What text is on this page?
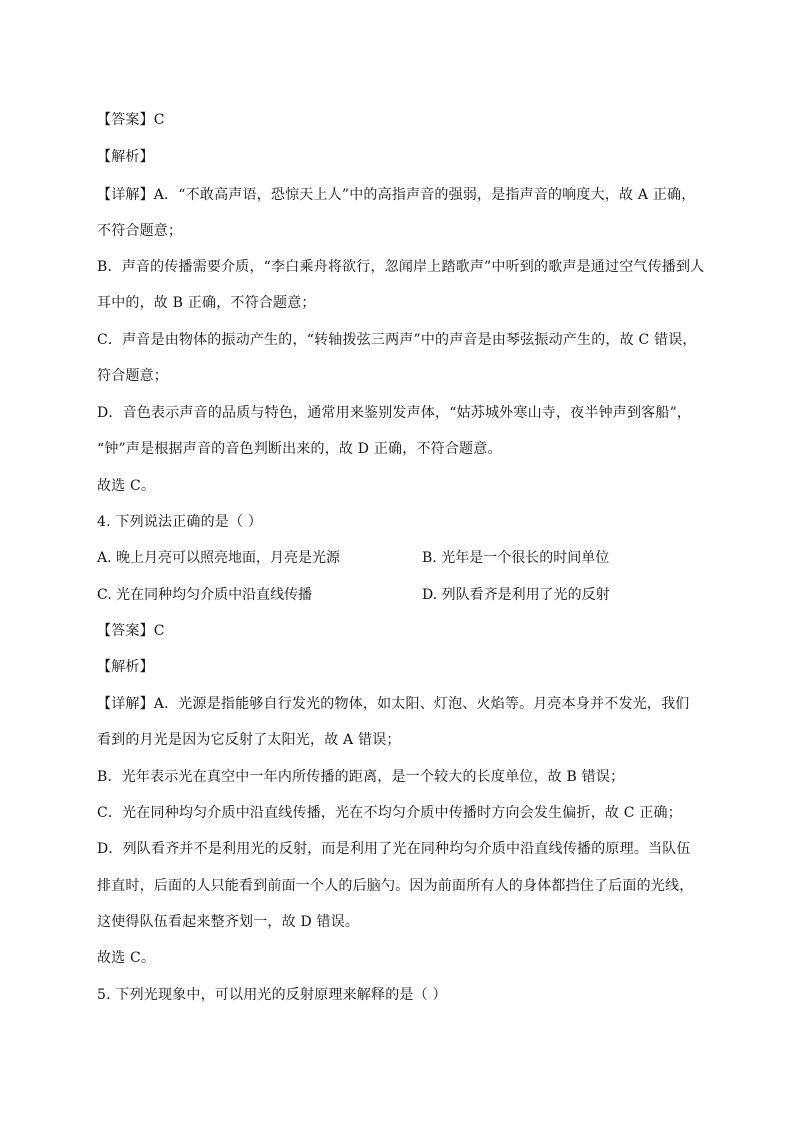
【答案】C
【解析】
【详解】A．“不敢高声语，恐惊天上人”中的高指声音的强弱，是指声音的响度大，故 A 正确，
不符合题意；
B．声音的传播需要介质，“李白乘舟将欲行，忽闻岸上踏歌声”中听到的歌声是通过空气传播到人
耳中的，故 B 正确，不符合题意；
C．声音是由物体的振动产生的，“转轴拨弦三两声”中的声音是由琴弦振动产生的，故 C 错误，
符合题意；
D．音色表示声音的品质与特色，通常用来鉴别发声体，“姑苏城外寒山寺，夜半钟声到客船”，
“钟”声是根据声音的音色判断出来的，故 D 正确，不符合题意。
故选 C。
4. 下列说法正确的是（ ）
A. 晚上月亮可以照亮地面，月亮是光源	B. 光年是一个很长的时间单位
C. 光在同种均匀介质中沿直线传播	D. 列队看齐是利用了光的反射
【答案】C
【解析】
【详解】A．光源是指能够自行发光的物体，如太阳、灯泡、火焰等。月亮本身并不发光，我们
看到的月光是因为它反射了太阳光，故 A 错误；
B．光年表示光在真空中一年内所传播的距离，是一个较大的长度单位，故 B 错误；
C．光在同种均匀介质中沿直线传播，光在不均匀介质中传播时方向会发生偏折，故 C 正确；
D．列队看齐并不是利用光的反射，而是利用了光在同种均匀介质中沿直线传播的原理。当队伍
排直时，后面的人只能看到前面一个人的后脑勺。因为前面所有人的身体都挡住了后面的光线，
这使得队伍看起来整齐划一，故 D 错误。
故选 C。
5. 下列光现象中，可以用光的反射原理来解释的是（ ）
